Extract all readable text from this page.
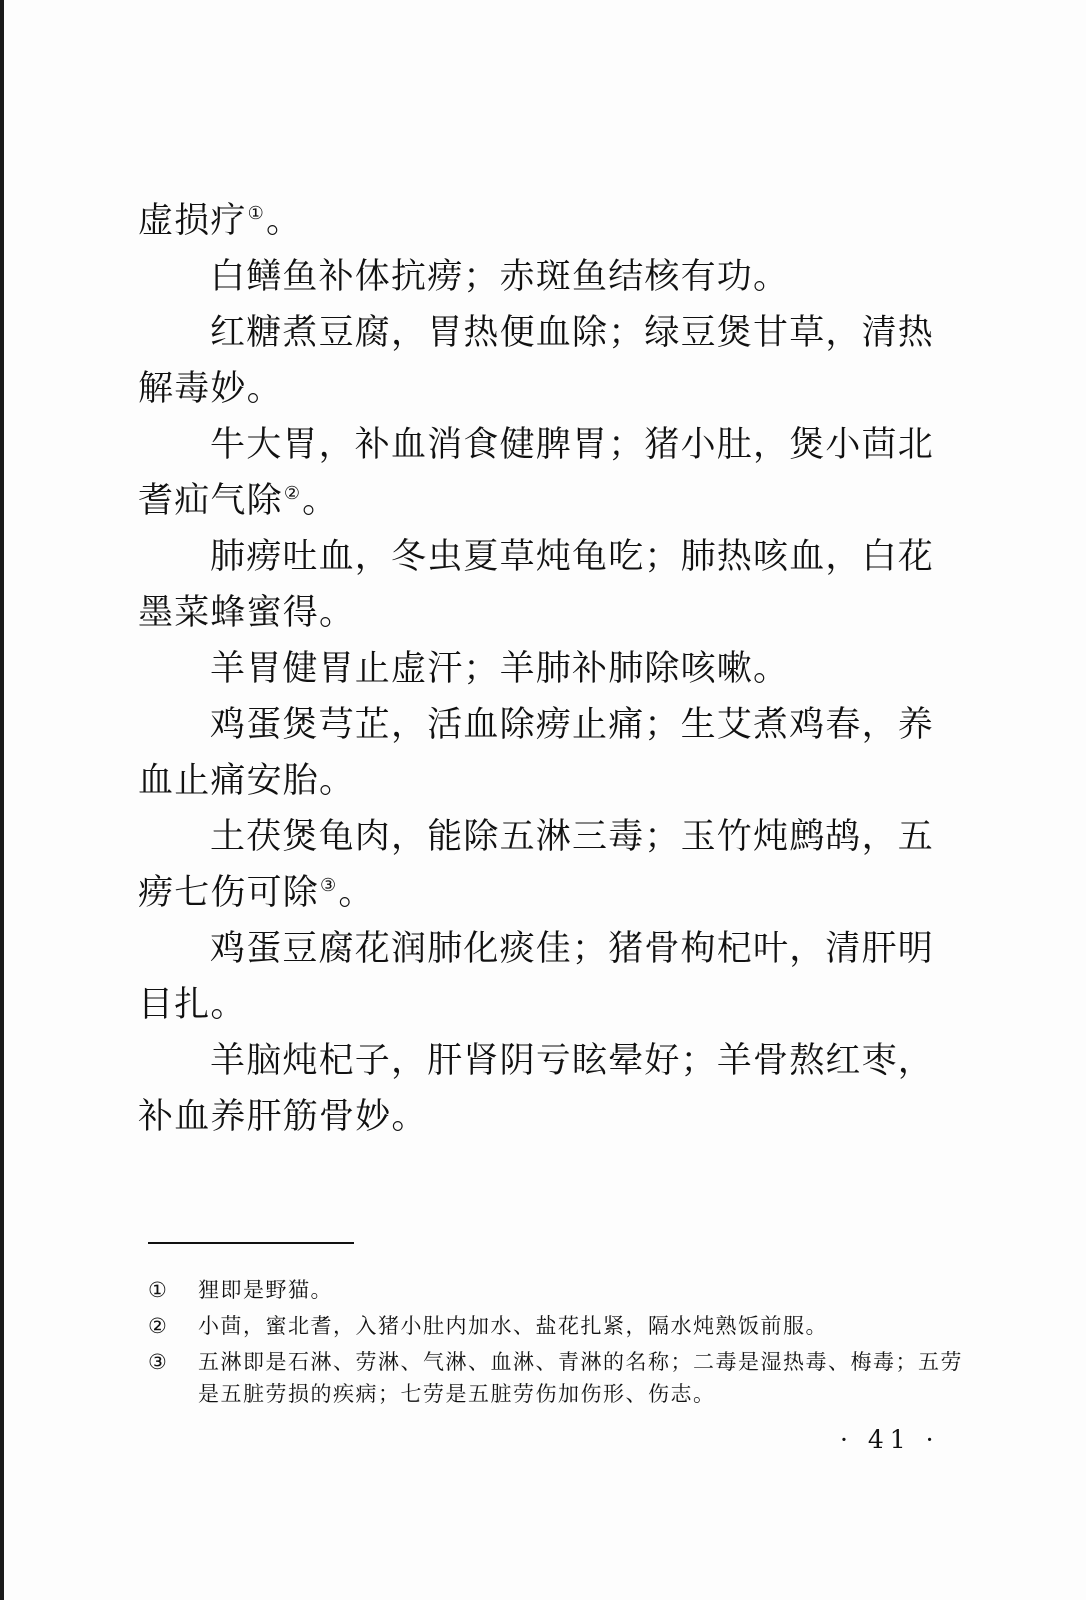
虚损疗①。

白鳝鱼补体抗痨；赤斑鱼结核有功。

红糖煮豆腐，胃热便血除；绿豆煲甘草，清热解毒妙。

牛大胃，补血消食健脾胃；猪小肚，煲小茴北耆疝气除②。

肺痨吐血，冬虫夏草炖龟吃；肺热咳血，白花墨菜蜂蜜得。

羊胃健胃止虚汗；羊肺补肺除咳嗽。

鸡蛋煲芎芷，活血除痨止痛；生艾煮鸡春，养血止痛安胎。

土茯煲龟肉，能除五淋三毒；玉竹炖鹧鸪，五痨七伤可除③。

鸡蛋豆腐花润肺化痰佳；猪骨枸杞叶，清肝明目扎。

羊脑炖杞子，肝肾阴亏眩晕好；羊骨熬红枣，补血养肝筋骨妙。

①	狸即是野猫。
②	小茴，蜜北耆，入猪小肚内加水、盐花扎紧，隔水炖熟饭前服。
③	五淋即是石淋、劳淋、气淋、血淋、青淋的名称；二毒是湿热毒、梅毒；五劳是五脏劳损的疾病；七劳是五脏劳伤加伤形、伤志。
· 41 ·
